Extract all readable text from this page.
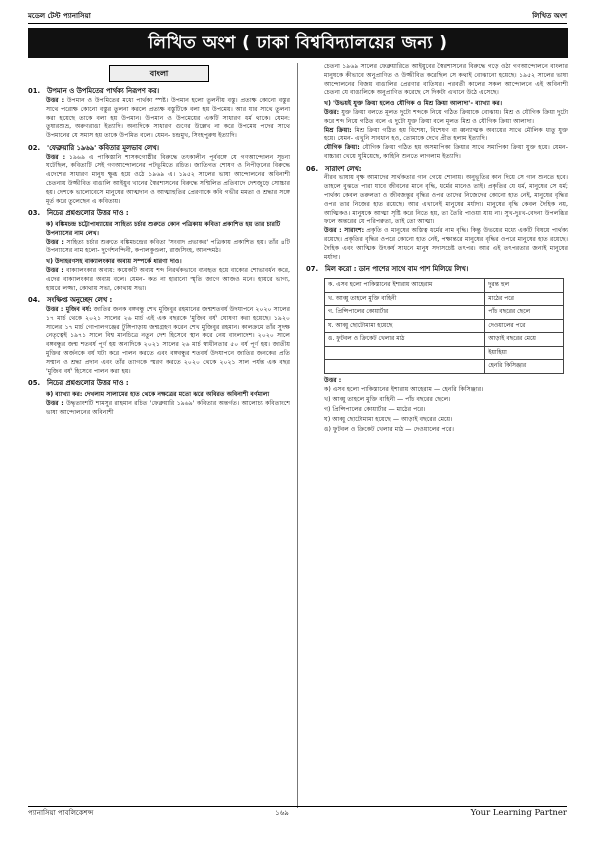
মডেল টেস্ট প্যানাসিয়া	লিখিত অংশ
লিখিত অংশ ( ঢাকা বিশ্ববিদ্যালয়ের জন্য )
বাংলা
01.	উপমান ও উপমিতের পার্থক্য নিরূপণ কর।
উত্তর : উপমান ও উপমিতের মধ্যে পার্থক্য স্পষ্ট। উপমান হলো তুলনীয় বস্তু। প্রত্যক্ষ কোনো বস্তুর সাথে পরোক্ষ কোনো বস্তুর তুলনা করলে প্রত্যক্ষ বস্তুটিকে বলা হয় উপমেয়। আর যার সাথে তুলনা করা হয়েছে তাকে বলা হয় উপমান। উপমান ও উপমেয়ের একটি সাধারণ ধর্ম থাকে। যেমন: তুষারশুভ্র, অরুণরাঙা ইত্যাদি। অন্যদিকে সাধারণ গুণের উল্লেখ না করে উপমেয় পদের সাথে উপমানের যে সমাস হয় তাকে উপমিত বলে। যেমন- চন্দ্রমুখ, সিংহপুরুষ ইত্যাদি।
02.	'ফেব্রুয়ারি ১৯৬৯' কবিতার মূলভাব লেখ।
উত্তর : ১৯৬৯ এ পাকিস্তানি শাসকগোষ্ঠীর বিরুদ্ধে তৎকালীন পূর্ববঙ্গে যে গণআন্দোলন সূচনা ঘটেছিল, কবিতাটি সেই গণআন্দোলনের পটভূমিতে রচিত। জাতিগত শোষণ ও নিপীড়নের বিরুদ্ধে এদেশের সাধারণ মানুষ ক্ষুব্ধ হয়ে ওঠে ১৯৬৯ এ। ১৯৫২ সালের ভাষা আন্দোলনের অবিনাশী চেতনায় উজ্জীবিত বাঙালি আইয়ুব খানের স্বৈরশাসনের বিরুদ্ধে সম্মিলিত প্রতিবাদে দেশজুড়ে সোচ্চার হয়। দেশকে ভালোবেসে মানুষের আত্মদান ও আত্মাহুতির প্রেরণাকে কবি গভীর মমতা ও শ্রদ্ধার সঙ্গে মূর্ত করে তুলেছেন এ কবিতায়।
03.	নিচের প্রশ্নগুলোর উত্তর দাও :
ক) বঙ্কিমচন্দ্র চট্টোপাধ্যায়ের সাহিত্য চর্চার শুরুতে কোন পত্রিকায় কবিতা প্রকাশিত হয় তার চারটি উপন্যাসের নাম লেখ।
উত্তর : সাহিত্য চর্চার শুরুতে বঙ্কিমচন্দ্রের কবিতা 'সংবাদ প্রভাকর' পত্রিকায় প্রকাশিত হয়। তাঁর ৪টি উপন্যাসের নাম হলো- দুর্গেশনন্দিনী, কপালকুণ্ডলা, রাজসিংহ, আনন্দমঠ।
খ) উদাহরণসহ বাক্যালংকার অব্যয় সম্পর্কে ধারণা দাও।
উত্তর : বাক্যালংকার অব্যয়: কয়েকটি অব্যয় শব্দ নিরর্থকভাবে ব্যবহৃত হয়ে বাক্যের শোভাবর্ধন করে, এদের বাক্যালংকার অব্যয় বলে। যেমন- কত না হারানো স্মৃতি জাগে আজও মনে। হায়রে ভাগ্য, হায়রে লজ্জা, কোথায় সভা, কোথায় সভ্য।
04.	সংক্ষিপ্ত অনুচ্ছেদ লেখ :
উত্তর : মুজিব বর্ষ: জাতির জনক বঙ্গবন্ধু শেখ মুজিবুর রহমানের জন্মশতবর্ষ উদযাপনে ২০২০ সালের ১৭ মার্চ থেকে ২০২১ সালের ২৬ মার্চ এই এক বছরকে 'মুজিব বর্ষ' ঘোষণা করা হয়েছে। ১৯২০ সালের ১৭ মার্চ গোপালগঞ্জের টুঙ্গিপাড়ায় জন্মগ্রহণ করেন শেখ মুজিবুর রহমান। কালক্রমে তাঁর সুদক্ষ নেতৃত্বেই ১৯৭১ সালে বিশ্ব মানচিত্রে নতুন দেশ হিসেবে স্থান করে নেয় বাংলাদেশ। ২০২০ সালে বঙ্গবন্ধুর জন্ম শতবর্ষ পূর্ণ হয় অন্যদিকে ২০২১ সালের ২৬ মার্চ স্বাধীনতার ৫০ বর্ষ পূর্ণ হয়। জাতীয় মুক্তির অর্জনকে বর্ষ ঘটা করে পালন করতে এবং বঙ্গবন্ধুর শতবর্ষ উদযাপনে জাতির জনকের প্রতি সম্মান ও শ্রদ্ধা প্রদান এবং তাঁর ত্যাগকে স্মরণ করতে ২০২০ থেকে ২০২১ সাল পর্যন্ত এক বছর 'মুজিব বর্ষ' হিসেবে পালন করা হয়।
05.	নিচের প্রশ্নগুলোর উত্তর দাও :
ক) ব্যাখ্যা কর: দেখলাম সালামের হাত থেকে নক্ষত্রের মতো ঝরে অবিরত অবিনাশী বর্ণমালা
উত্তর : উদ্ধৃতাংশটি শামসুর রাহমান রচিত 'ফেব্রুয়ারি ১৯৬৯' কবিতার অন্তর্গত। আলোচ্য কবিতাংশে ভাষা আন্দোলনের অবিনাশী
চেতনা ১৯৬৯ সালের ফেব্রুয়ারিতে আইয়ুবের স্বৈরশাসনের বিরুদ্ধে গড়ে ওঠা গণআন্দোলনে বাংলার মানুষকে কীভাবে অনুপ্রাণিত ও উজ্জীবিত করেছিল সে কথাই বোঝানো হয়েছে। ১৯৫২ সালের ভাষা আন্দোলনের বিজয় বাঙালির প্রেরণার বাতিঘর। পরবর্তী কালের সকল আন্দোলনে এই অবিনাশী চেতনা যে বাঙালিকে অনুপ্রাণিত করেছে সে দিকটা এখানে উঠে এসেছে।
খ) 'উভয়ই যুক্ত ক্রিয়া হলেও যৌগিক ও মিশ্র ক্রিয়া আলাদা'- ব্যাখ্যা কর।
উত্তর: যুক্ত ক্রিয়া বলতে মূলত দুটো শব্দকে নিয়ে গঠিত ক্রিয়াকে বোঝায়। মিশ্র ও যৌগিক ক্রিয়া দুটো করে শব্দ নিয়ে গঠিত বলে এ দুটো যুক্ত ক্রিয়া বলে মূলত মিশ্র ও যৌগিক ক্রিয়া আলাদা।
মিশ্র ক্রিয়া: মিশ্র ক্রিয়া গঠিত হয় বিশেষ্য, বিশেষণ বা ধ্বন্যাত্মক অব্যয়ের সাথে মৌলিক ধাতু যুক্ত হয়ে। যেমন- এখুনি সাবধান হও, তোমাকে দেখে প্রীত হলাম ইত্যাদি।
যৌগিক ক্রিয়া: যৌগিক ক্রিয়া গঠিত হয় অসমাপিকা ক্রিয়ার সাথে সমাপিকা ক্রিয়া যুক্ত হয়ে। যেমন- বাচ্চারা খেয়ে ঘুমিয়েছে, কাহিনি শুনতে লাগলাম ইত্যাদি।
06.	সারাংশ লেখ:
নীরব ভাষায় বৃক্ষ আমাদের সার্থকতার গান গেয়ে শোনায়। অনুভূতির কান দিয়ে সে গান শুনতে হবে। তাহলে বুঝতে পারা যাবে জীবনের মানে বৃদ্ধি, ধর্মের মানেও তাই। প্রকৃতির যে ধর্ম, মানুষের সে ধর্ম; পার্থক্য কেবল তরুলতা ও জীবজন্তুর বৃদ্ধির ওপর তাদের নিজেদের কোনো হাত নেই, মানুষের বৃদ্ধির ওপর তার নিজের হাত রয়েছে। আর এখানেই মানুষের মর্যাদা। মানুষের বৃদ্ধি কেবল দৈহিক নয়, আত্মিকও। মানুষকে আত্মা সৃষ্টি করে নিতে হয়, তা তৈরি পাওয়া যায় না। সুখ-দুঃখ-বেদনা উপলব্ধির ফলে অন্তরের যে পরিপক্বতা, তাই তো আত্মা।
উত্তর : সারাংশ: প্রকৃতি ও মানুষের অস্তিত্ব ধর্মের নাম বৃদ্ধি। কিন্তু উভয়ের মধ্যে একটি বিষয়ে পার্থক্য রয়েছে। প্রকৃতির বৃদ্ধির ওপরে কোনো হাত নেই, পক্ষান্তরে মানুষের বৃদ্ধির ওপরে মানুষের হাত রয়েছে। দৈহিক এবং আত্মিক উৎকর্ষ সাধনে মানুষ সদাসচেষ্ট তৎপর। আর এই তৎপরতার জন্যই মানুষের মর্যাদা।
07.	মিল করো : ডান পাশের সাথে বাম পাশ মিলিয়ে লিখ।
ক. এসব হলো পাকিস্তানের ইশারায় আহেরাম	দুরন্ত হুল
খ. আব্বু তাহলে মুক্তি বাহিনী	মাঠের পরে
গ. প্রিন্সিপালের কোয়ার্টার	পাঁচ বছরের ছেলে
ঘ. আব্বু ছোটোমামা হয়েছে	দেওয়ালের পরে
ঙ. ফুটবল ও ক্রিকেট খেলার মাঠ	আড়াই বছরের মেয়ে
	ইয়াহিয়া
	হেনরি কিসিঞ্জার
উত্তর :
ক) এসব হলো পাকিস্তানের ইশারায় আহেরাম — হেনরি কিসিঞ্জার।
খ) আব্বু তাহলে মুক্তি বাহিনী — পাঁচ বছরের ছেলে।
গ) প্রিন্সিপালের কোয়ার্টার — মাঠের পরে।
ঘ) আব্বু ছোটোমামা হয়েছে — আড়াই বছরের মেয়ে।
ঙ) ফুটবল ও ক্রিকেট খেলার মাঠ — দেওয়ালের পরে।
প্যানাসিয়া পাবলিকেশন্স	১৬৯	Your Learning Partner
